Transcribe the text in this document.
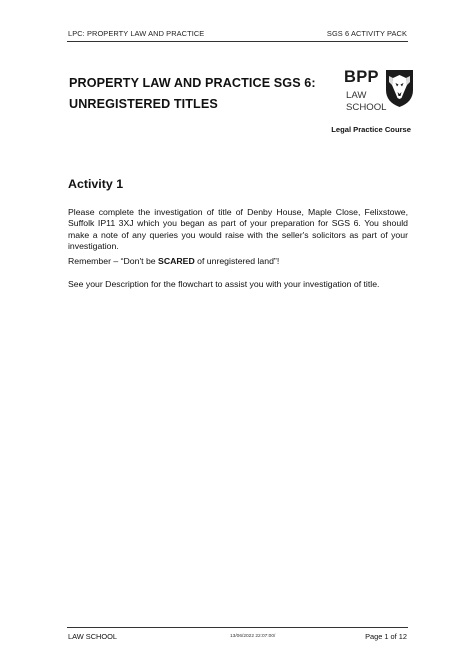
LPC: PROPERTY LAW AND PRACTICE	SGS 6 ACTIVITY PACK
PROPERTY LAW AND PRACTICE SGS 6:
UNREGISTERED TITLES
BPP
LAW
SCHOOL
Legal Practice Course
Activity 1

Please complete the investigation of title of Denby House, Maple Close, Felixstowe, Suffolk IP11 3XJ which you began as part of your preparation for SGS 6. You should make a note of any queries you would raise with the seller's solicitors as part of your investigation.

Remember – “Don't be SCARED of unregistered land”!

See your Description for the flowchart to assist you with your investigation of title.

LAW SCHOOL	13/06/2022 22:07:00/	Page 1 of 12
